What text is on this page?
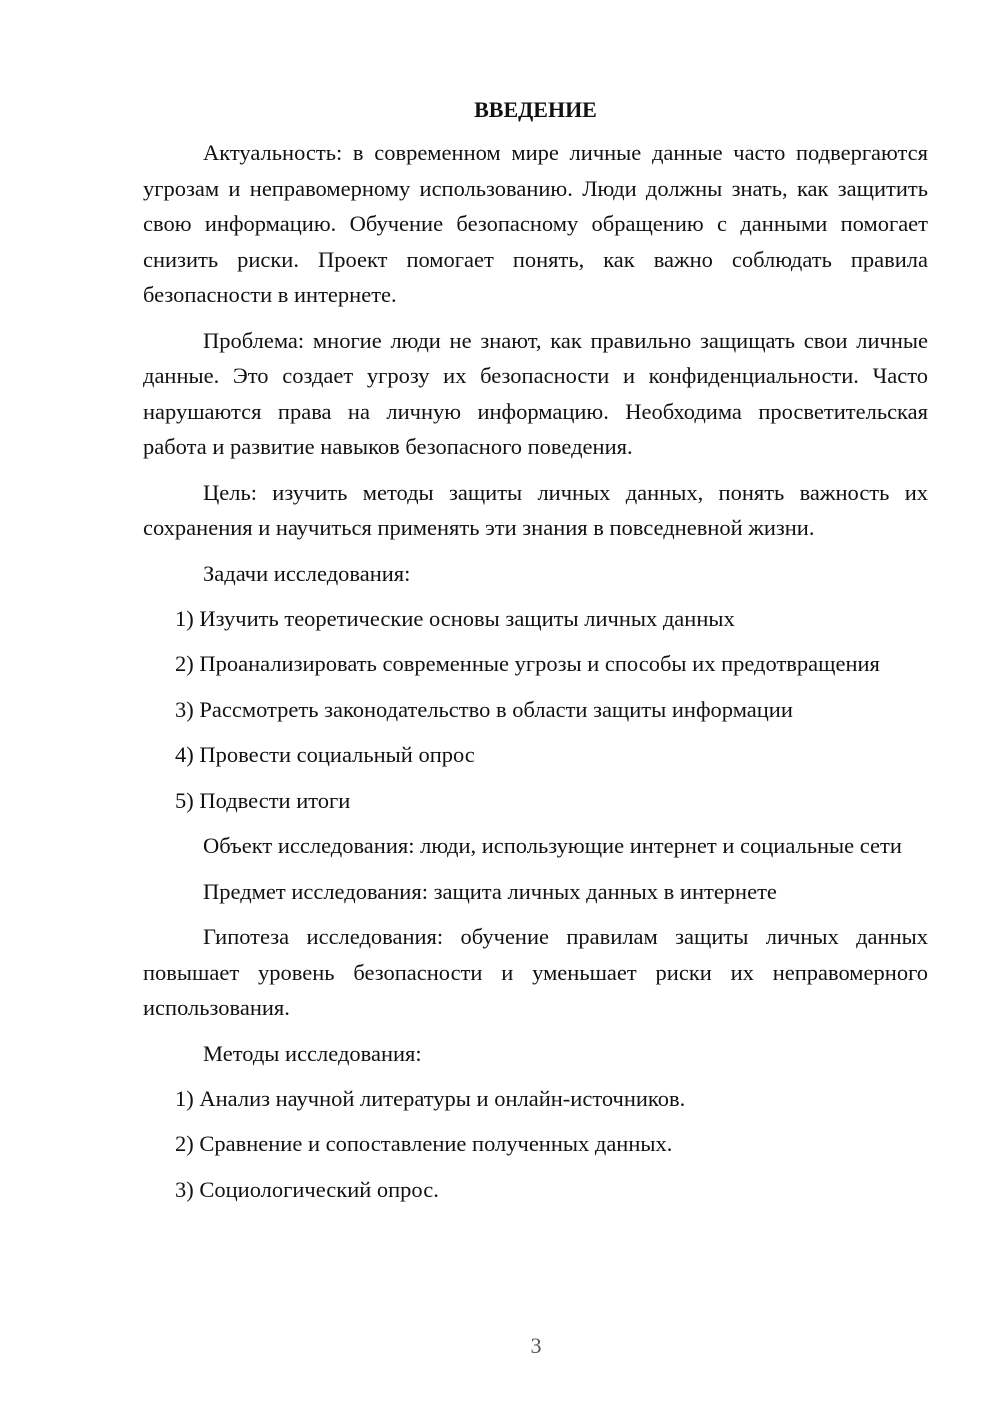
ВВЕДЕНИЕ

Актуальность: в современном мире личные данные часто подвергаются угрозам и неправомерному использованию. Люди должны знать, как защитить свою информацию. Обучение безопасному обращению с данными помогает снизить риски. Проект помогает понять, как важно соблюдать правила безопасности в интернете.

Проблема: многие люди не знают, как правильно защищать свои личные данные. Это создает угрозу их безопасности и конфиденциальности. Часто нарушаются права на личную информацию. Необходима просветительская работа и развитие навыков безопасного поведения.

Цель: изучить методы защиты личных данных, понять важность их сохранения и научиться применять эти знания в повседневной жизни.

Задачи исследования:

1) Изучить теоретические основы защиты личных данных

2) Проанализировать современные угрозы и способы их предотвращения

3) Рассмотреть законодательство в области защиты информации

4) Провести социальный опрос

5) Подвести итоги

Объект исследования: люди, использующие интернет и социальные сети

Предмет исследования: защита личных данных в интернете

Гипотеза исследования: обучение правилам защиты личных данных повышает уровень безопасности и уменьшает риски их неправомерного использования.

Методы исследования:

1) Анализ научной литературы и онлайн-источников.

2) Сравнение и сопоставление полученных данных.

3) Социологический опрос.

3
